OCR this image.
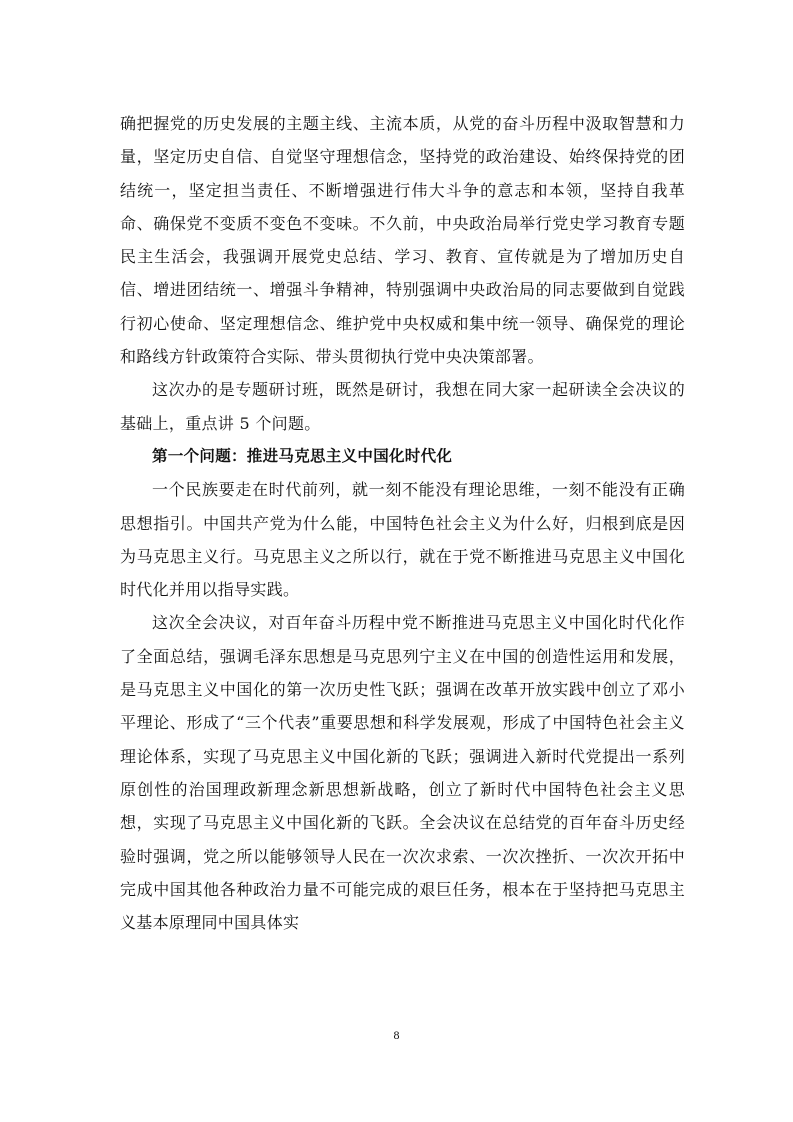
确把握党的历史发展的主题主线、主流本质，从党的奋斗历程中汲取智慧和力量，坚定历史自信、自觉坚守理想信念，坚持党的政治建设、始终保持党的团结统一，坚定担当责任、不断增强进行伟大斗争的意志和本领，坚持自我革命、确保党不变质不变色不变味。不久前，中央政治局举行党史学习教育专题民主生活会，我强调开展党史总结、学习、教育、宣传就是为了增加历史自信、增进团结统一、增强斗争精神，特别强调中央政治局的同志要做到自觉践行初心使命、坚定理想信念、维护党中央权威和集中统一领导、确保党的理论和路线方针政策符合实际、带头贯彻执行党中央决策部署。

这次办的是专题研讨班，既然是研讨，我想在同大家一起研读全会决议的基础上，重点讲 5 个问题。

第一个问题：推进马克思主义中国化时代化

一个民族要走在时代前列，就一刻不能没有理论思维，一刻不能没有正确思想指引。中国共产党为什么能，中国特色社会主义为什么好，归根到底是因为马克思主义行。马克思主义之所以行，就在于党不断推进马克思主义中国化时代化并用以指导实践。

这次全会决议，对百年奋斗历程中党不断推进马克思主义中国化时代化作了全面总结，强调毛泽东思想是马克思列宁主义在中国的创造性运用和发展，是马克思主义中国化的第一次历史性飞跃；强调在改革开放实践中创立了邓小平理论、形成了“三个代表”重要思想和科学发展观，形成了中国特色社会主义理论体系，实现了马克思主义中国化新的飞跃；强调进入新时代党提出一系列原创性的治国理政新理念新思想新战略，创立了新时代中国特色社会主义思想，实现了马克思主义中国化新的飞跃。全会决议在总结党的百年奋斗历史经验时强调，党之所以能够领导人民在一次次求索、一次次挫折、一次次开拓中完成中国其他各种政治力量不可能完成的艰巨任务，根本在于坚持把马克思主义基本原理同中国具体实

8
